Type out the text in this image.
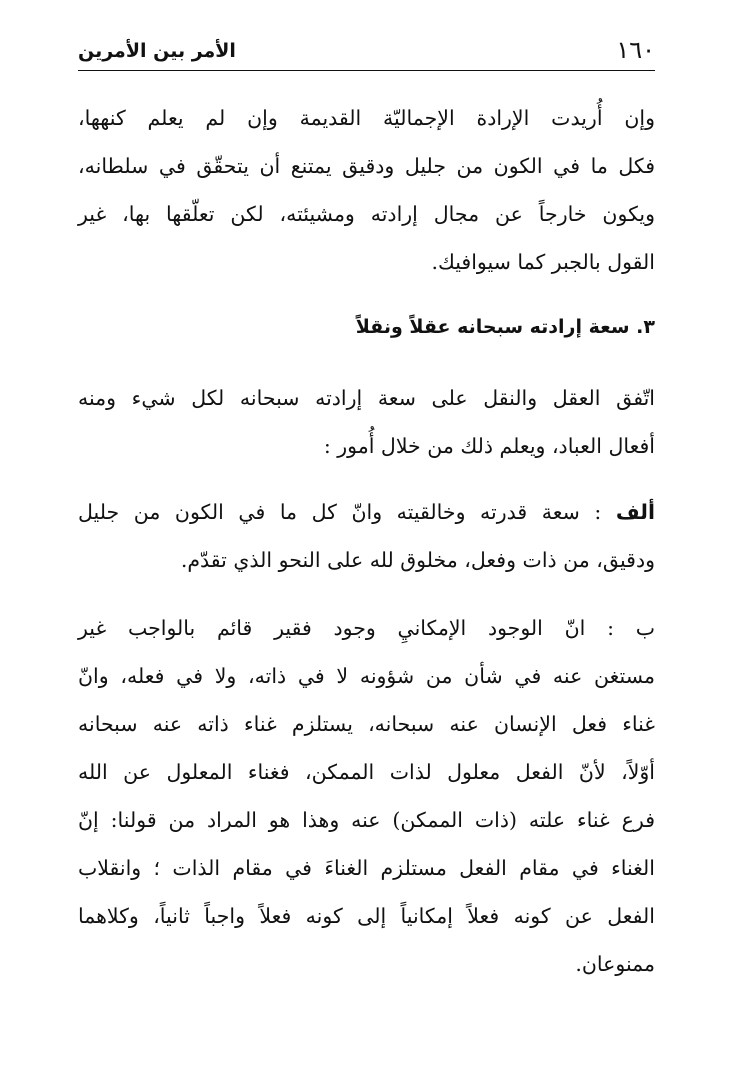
١٦٠
الأمر بين الأمرين
وإن أُريدت الإرادة الإجماليّة القديمة وإن لم يعلم كنهها،
فكل ما في الكون من جليل ودقيق يمتنع أن يتحقّق في سلطانه،
ويكون خارجاً عن مجال إرادته ومشيئته، لكن تعلّقها بها، غير
القول بالجبر كما سيوافيك.
٣. سعة إرادته سبحانه عقلاً ونقلاً
اتّفق العقل والنقل على سعة إرادته سبحانه لكل شيء ومنه
أفعال العباد، ويعلم ذلك من خلال أُمور :
ألف : سعة قدرته وخالقيته وانّ كل ما في الكون من جليل
ودقيق، من ذات وفعل، مخلوق لله على النحو الذي تقدّم.
ب : انّ الوجود الإمكانيِ وجود فقير قائم بالواجب غير
مستغن عنه في شأن من شؤونه لا في ذاته، ولا في فعله، وانّ
غناء فعل الإنسان عنه سبحانه، يستلزم غناء ذاته عنه سبحانه
أوّلاً، لأنّ الفعل معلول لذات الممكن، فغناء المعلول عن الله
فرع غناء علته (ذات الممكن) عنه وهذا هو المراد من قولنا: إنّ
الغناء في مقام الفعل مستلزم الغناءَ في مقام الذات ؛ وانقلاب
الفعل عن كونه فعلاً إمكانياً إلى كونه فعلاً واجباً ثانياً، وكلاهما
ممنوعان.
